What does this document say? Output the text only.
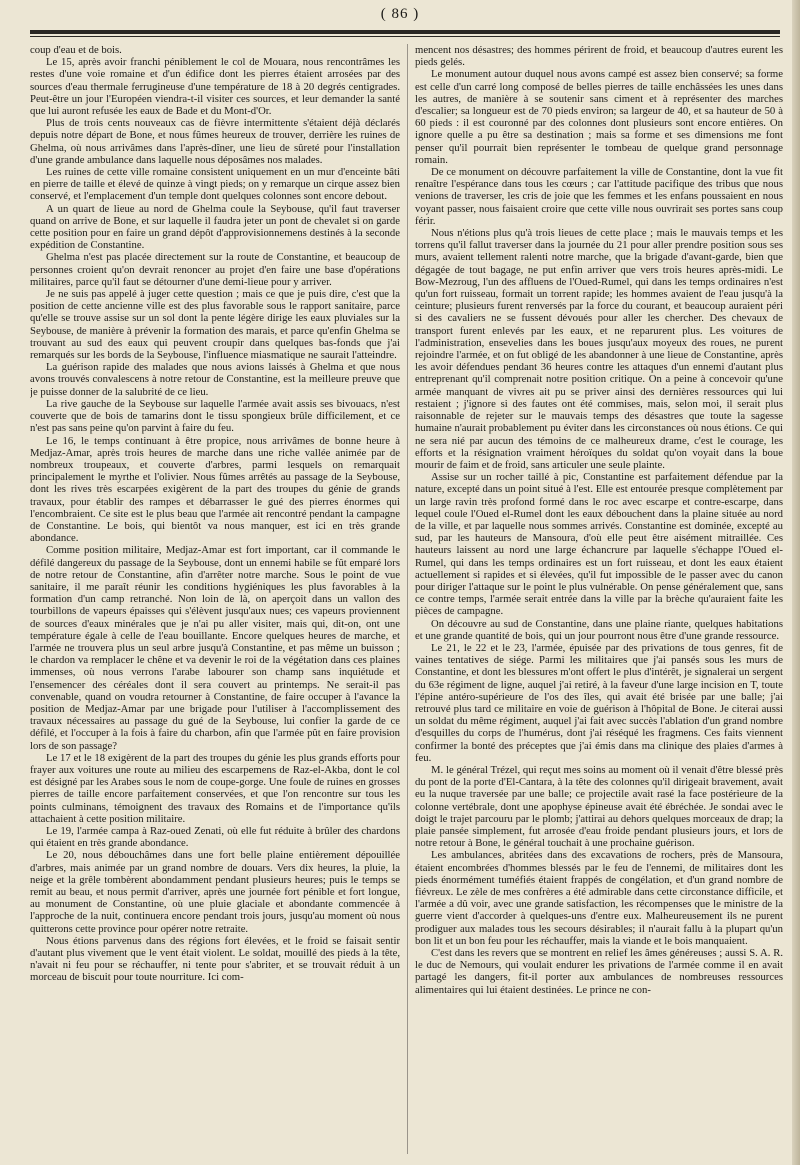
( 86 )

coup d'eau et de bois.

Le 15, après avoir franchi péniblement le col de Mouara, nous rencontrâmes les restes d'une voie romaine et d'un édifice dont les pierres étaient arrosées par des sources d'eau thermale ferrugineuse d'une température de 18 à 20 degrés centigrades. Peut-être un jour l'Européen viendra-t-il visiter ces sources, et leur demander la santé que lui auront refusée les eaux de Bade et du Mont-d'Or.

Plus de trois cents nouveaux cas de fièvre intermittente s'étaient déjà déclarés depuis notre départ de Bone, et nous fûmes heureux de trouver, derrière les ruines de Ghelma, où nous arrivâmes dans l'après-dîner, une lieu de sûreté pour l'installation d'une grande ambulance dans laquelle nous déposâmes nos malades.

Les ruines de cette ville romaine consistent uniquement en un mur d'enceinte bâti en pierre de taille et élevé de quinze à vingt pieds; on y remarque un cirque assez bien conservé, et l'emplacement d'un temple dont quelques colonnes sont encore debout.

A un quart de lieue au nord de Ghelma coule la Seybouse, qu'il faut traverser quand on arrive de Bone, et sur laquelle il faudra jeter un pont de chevalet si on garde cette position pour en faire un grand dépôt d'approvisionnemens destinés à la seconde expédition de Constantine.

Ghelma n'est pas placée directement sur la route de Constantine, et beaucoup de personnes croient qu'on devrait renoncer au projet d'en faire une base d'opérations militaires, parce qu'il faut se détourner d'une demi-lieue pour y arriver.

Je ne suis pas appelé à juger cette question ; mais ce que je puis dire, c'est que la position de cette ancienne ville est des plus favorable sous le rapport sanitaire, parce qu'elle se trouve assise sur un sol dont la pente légère dirige les eaux pluviales sur la Seybouse, de manière à prévenir la formation des marais, et parce qu'enfin Ghelma se trouvant au sud des eaux qui peuvent croupir dans quelques bas-fonds que j'ai remarqués sur les bords de la Seybouse, l'influence miasmatique ne saurait l'atteindre.

La guérison rapide des malades que nous avions laissés à Ghelma et que nous avons trouvés convalescens à notre retour de Constantine, est la meilleure preuve que je puisse donner de la salubrité de ce lieu.

La rive gauche de la Seybouse sur laquelle l'armée avait assis ses bivouacs, n'est couverte que de bois de tamarins dont le tissu spongieux brûle difficilement, et ce n'est pas sans peine qu'on parvint à faire du feu.

Le 16, le temps continuant à être propice, nous arrivâmes de bonne heure à Medjaz-Amar, après trois heures de marche dans une riche vallée animée par de nombreux troupeaux, et couverte d'arbres, parmi lesquels on remarquait principalement le myrthe et l'olivier. Nous fûmes arrêtés au passage de la Seybouse, dont les rives très escarpées exigèrent de la part des troupes du génie de grands travaux, pour établir des rampes et débarrasser le gué des pierres énormes qui l'encombraient. Ce site est le plus beau que l'armée ait rencontré pendant la campagne de Constantine. Le bois, qui bientôt va nous manquer, est ici en très grande abondance.

Comme position militaire, Medjaz-Amar est fort important, car il commande le défilé dangereux du passage de la Seybouse, dont un ennemi habile se fût emparé lors de notre retour de Constantine, afin d'arrêter notre marche. Sous le point de vue sanitaire, il me paraît réunir les conditions hygiéniques les plus favorables à la formation d'un camp retranché. Non loin de là, on aperçoit dans un vallon des tourbillons de vapeurs épaisses qui s'élèvent jusqu'aux nues; ces vapeurs proviennent de sources d'eaux minérales que je n'ai pu aller visiter, mais qui, dit-on, ont une température égale à celle de l'eau bouillante. Encore quelques heures de marche, et l'armée ne trouvera plus un seul arbre jusqu'à Constantine, et pas même un buisson ; le chardon va remplacer le chêne et va devenir le roi de la végétation dans ces plaines immenses, où nous verrons l'arabe labourer son champ sans inquiétude et l'ensemencer des céréales dont il sera couvert au printemps. Ne serait-il pas convenable, quand on voudra retourner à Constantine, de faire occuper à l'avance la position de Medjaz-Amar par une brigade pour l'utiliser à l'accomplissement des travaux nécessaires au passage du gué de la Seybouse, lui confier la garde de ce défilé, et l'occuper à la fois à faire du charbon, afin que l'armée pût en faire provision lors de son passage?

Le 17 et le 18 exigèrent de la part des troupes du génie les plus grands efforts pour frayer aux voitures une route au milieu des escarpemens de Raz-el-Akba, dont le col est désigné par les Arabes sous le nom de coupe-gorge. Une foule de ruines en grosses pierres de taille encore parfaitement conservées, et que l'on rencontre sur tous les points culminans, témoignent des travaux des Romains et de l'importance qu'ils attachaient à cette position militaire.

Le 19, l'armée campa à Raz-oued Zenati, où elle fut réduite à brûler des chardons qui étaient en très grande abondance.

Le 20, nous débouchâmes dans une fort belle plaine entièrement dépouillée d'arbres, mais animée par un grand nombre de douars. Vers dix heures, la pluie, la neige et la grêle tombèrent abondamment pendant plusieurs heures; puis le temps se remit au beau, et nous permit d'arriver, après une journée fort pénible et fort longue, au monument de Constantine, où une pluie glaciale et abondante commencée à l'approche de la nuit, continuera encore pendant trois jours, jusqu'au moment où nous quitterons cette province pour opérer notre retraite.

Nous étions parvenus dans des régions fort élevées, et le froid se faisait sentir d'autant plus vivement que le vent était violent. Le soldat, mouillé des pieds à la tête, n'avait ni feu pour se réchauffer, ni tente pour s'abriter, et se trouvait réduit à un morceau de biscuit pour toute nourriture. Ici com-

mencent nos désastres; des hommes périrent de froid, et beaucoup d'autres eurent les pieds gelés.

Le monument autour duquel nous avons campé est assez bien conservé; sa forme est celle d'un carré long composé de belles pierres de taille enchâssées les unes dans les autres, de manière à se soutenir sans ciment et à représenter des marches d'escalier; sa longueur est de 70 pieds environ; sa largeur de 40, et sa hauteur de 50 à 60 pieds : il est couronné par des colonnes dont plusieurs sont encore entières. On ignore quelle a pu être sa destination ; mais sa forme et ses dimensions me font penser qu'il pourrait bien représenter le tombeau de quelque grand personnage romain.

De ce monument on découvre parfaitement la ville de Constantine, dont la vue fit renaître l'espérance dans tous les cœurs ; car l'attitude pacifique des tribus que nous venions de traverser, les cris de joie que les femmes et les enfans poussaient en nous voyant passer, nous faisaient croire que cette ville nous ouvrirait ses portes sans coup férir.

Nous n'étions plus qu'à trois lieues de cette place ; mais le mauvais temps et les torrens qu'il fallut traverser dans la journée du 21 pour aller prendre position sous ses murs, avaient tellement ralenti notre marche, que la brigade d'avant-garde, bien que dégagée de tout bagage, ne put enfin arriver que vers trois heures après-midi. Le Bow-Mezroug, l'un des affluens de l'Oued-Rumel, qui dans les temps ordinaires n'est qu'un fort ruisseau, formait un torrent rapide; les hommes avaient de l'eau jusqu'à la ceinture; plusieurs furent renversés par la force du courant, et beaucoup auraient péri si des cavaliers ne se fussent dévoués pour aller les chercher. Des chevaux de transport furent enlevés par les eaux, et ne reparurent plus. Les voitures de l'administration, ensevelies dans les boues jusqu'aux moyeux des roues, ne purent rejoindre l'armée, et on fut obligé de les abandonner à une lieue de Constantine, après les avoir défendues pendant 36 heures contre les attaques d'un ennemi d'autant plus entreprenant qu'il comprenait notre position critique. On a peine à concevoir qu'une armée manquant de vivres ait pu se priver ainsi des dernières ressources qui lui restaient ; j'ignore si des fautes ont été commises, mais, selon moi, il serait plus raisonnable de rejeter sur le mauvais temps des désastres que toute la sagesse humaine n'aurait probablement pu éviter dans les circonstances où nous étions. Ce qui ne sera nié par aucun des témoins de ce malheureux drame, c'est le courage, les efforts et la résignation vraiment héroïques du soldat qu'on voyait dans la boue mourir de faim et de froid, sans articuler une seule plainte.

Assise sur un rocher taillé à pic, Constantine est parfaitement défendue par la nature, excepté dans un point situé à l'est. Elle est entourée presque complètement par un large ravin très profond formé dans le roc avec escarpe et contre-escarpe, dans lequel coule l'Oued el-Rumel dont les eaux débouchent dans la plaine située au nord de la ville, et par laquelle nous sommes arrivés. Constantine est dominée, excepté au sud, par les hauteurs de Mansoura, d'où elle peut être aisément mitraillée. Ces hauteurs laissent au nord une large échancrure par laquelle s'échappe l'Oued el-Rumel, qui dans les temps ordinaires est un fort ruisseau, et dont les eaux étaient actuellement si rapides et si élevées, qu'il fut impossible de le passer avec du canon pour diriger l'attaque sur le point le plus vulnérable. On pense généralement que, sans ce contre temps, l'armée serait entrée dans la ville par la brèche qu'auraient faite les pièces de campagne.

On découvre au sud de Constantine, dans une plaine riante, quelques habitations et une grande quantité de bois, qui un jour pourront nous être d'une grande ressource.

Le 21, le 22 et le 23, l'armée, épuisée par des privations de tous genres, fit de vaines tentatives de siége. Parmi les militaires que j'ai pansés sous les murs de Constantine, et dont les blessures m'ont offert le plus d'intérêt, je signalerai un sergent du 63e régiment de ligne, auquel j'ai retiré, à la faveur d'une large incision en T, toute l'épine antéro-supérieure de l'os des îles, qui avait été brisée par une balle; j'ai retrouvé plus tard ce militaire en voie de guérison à l'hôpital de Bone. Je citerai aussi un soldat du même régiment, auquel j'ai fait avec succès l'ablation d'un grand nombre d'esquilles du corps de l'humérus, dont j'ai réséqué les fragmens. Ces faits viennent confirmer la bonté des préceptes que j'ai émis dans ma clinique des plaies d'armes à feu.

M. le général Trézel, qui reçut mes soins au moment où il venait d'être blessé près du pont de la porte d'El-Cantara, à la tête des colonnes qu'il dirigeait bravement, avait eu la nuque traversée par une balle; ce projectile avait rasé la face postérieure de la colonne vertébrale, dont une apophyse épineuse avait été ébréchée. Je sondai avec le doigt le trajet parcouru par le plomb; j'attirai au dehors quelques morceaux de drap; la plaie pansée simplement, fut arrosée d'eau froide pendant plusieurs jours, et lors de notre retour à Bone, le général touchait à une prochaine guérison.

Les ambulances, abritées dans des excavations de rochers, près de Mansoura, étaient encombrées d'hommes blessés par le feu de l'ennemi, de militaires dont les pieds énormément tuméfiés étaient frappés de congélation, et d'un grand nombre de fiévreux. Le zèle de mes confrères a été admirable dans cette circonstance difficile, et l'armée a dû voir, avec une grande satisfaction, les récompenses que le ministre de la guerre vient d'accorder à quelques-uns d'entre eux. Malheureusement ils ne purent prodiguer aux malades tous les secours désirables; il n'aurait fallu à la plupart qu'un bon lit et un bon feu pour les réchauffer, mais la viande et le bois manquaient.

C'est dans les revers que se montrent en relief les âmes généreuses ; aussi S. A. R. le duc de Nemours, qui voulait endurer les privations de l'armée comme il en avait partagé les dangers, fit-il porter aux ambulances de nombreuses ressources alimentaires qui lui étaient destinées. Le prince ne con-
